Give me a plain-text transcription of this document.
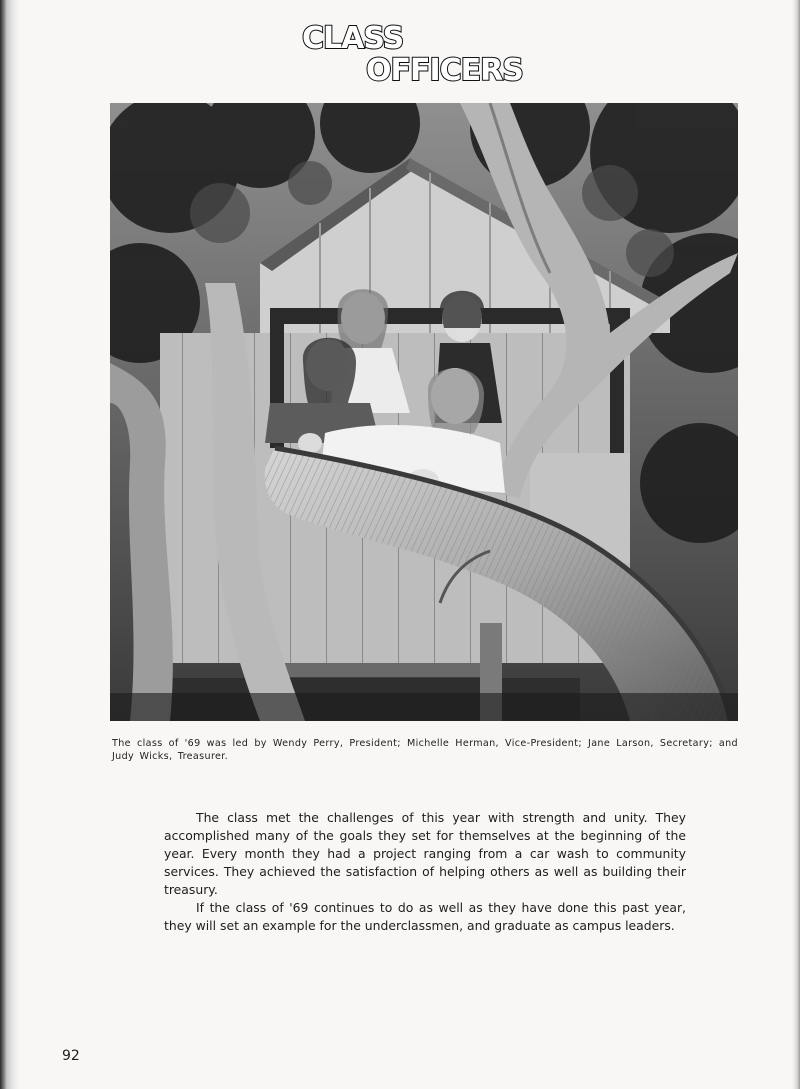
CLASS
OFFICERS
The class of '69 was led by Wendy Perry, President; Michelle Herman, Vice-President; Jane Larson, Secretary; and Judy Wicks, Treasurer.

The class met the challenges of this year with strength and unity. They accomplished many of the goals they set for themselves at the beginning of the year. Every month they had a project ranging from a car wash to community services. They achieved the satisfaction of helping others as well as building their treasury.

If the class of '69 continues to do as well as they have done this past year, they will set an example for the underclassmen, and graduate as campus leaders.

92
